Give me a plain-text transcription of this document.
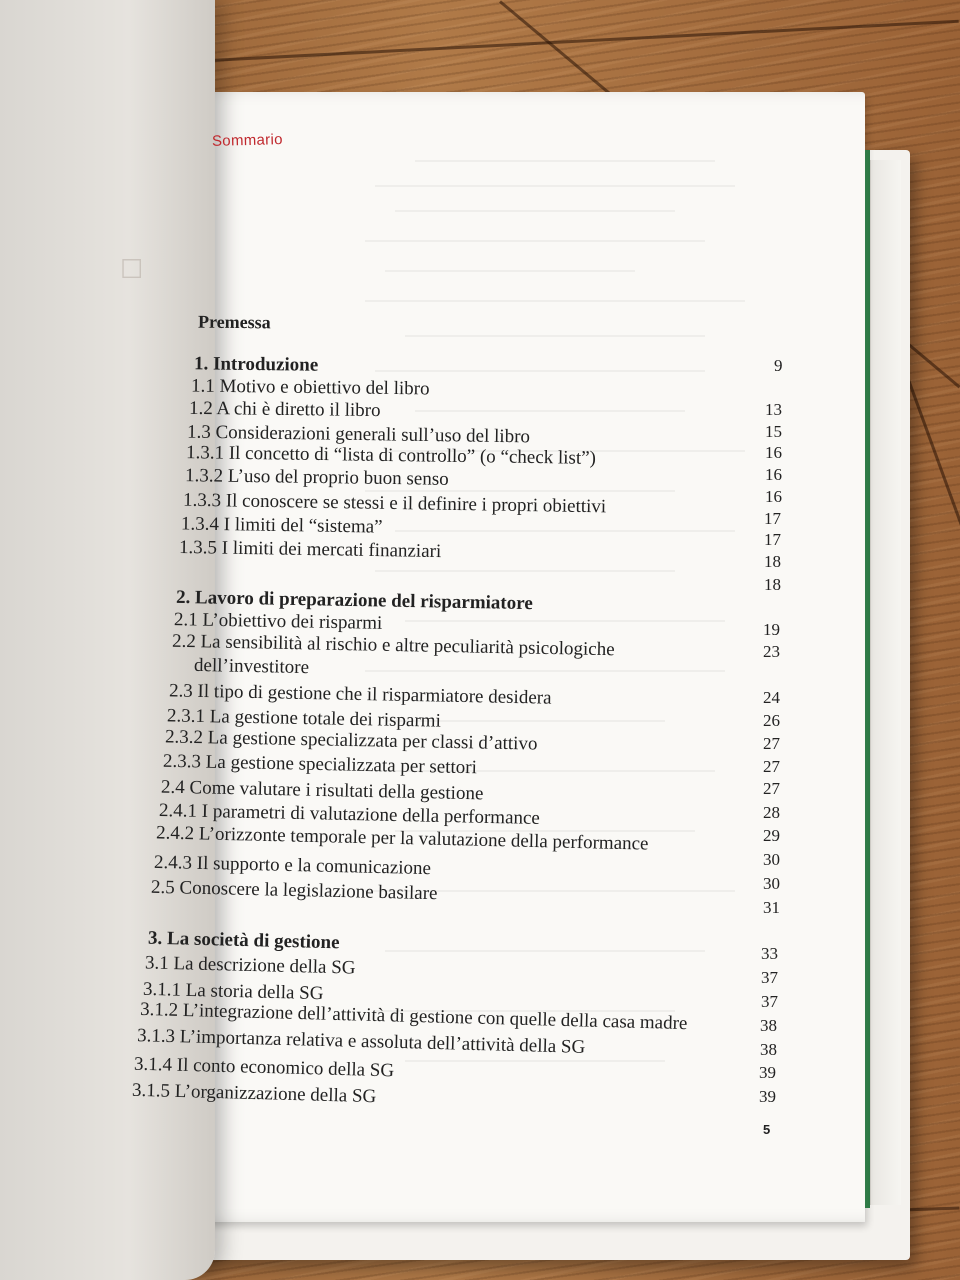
☐
Sommario
Premessa
1. Introduzione
1.1 Motivo e obiettivo del libro
1.2 A chi è diretto il libro
1.3 Considerazioni generali sull’uso del libro
1.3.1 Il concetto di “lista di controllo” (o “check list”)
1.3.2 L’uso del proprio buon senso
1.3.3 Il conoscere se stessi e il definire i propri obiettivi
1.3.4 I limiti del “sistema”
1.3.5 I limiti dei mercati finanziari
2. Lavoro di preparazione del risparmiatore
2.1 L’obiettivo dei risparmi
2.2 La sensibilità al rischio e altre peculiarità psicologiche
dell’investitore
2.3 Il tipo di gestione che il risparmiatore desidera
2.3.1 La gestione totale dei risparmi
2.3.2 La gestione specializzata per classi d’attivo
2.3.3 La gestione specializzata per settori
2.4 Come valutare i risultati della gestione
2.4.1 I parametri di valutazione della performance
2.4.2 L’orizzonte temporale per la valutazione della performance
2.4.3 Il supporto e la comunicazione
2.5 Conoscere la legislazione basilare
3. La società di gestione
3.1 La descrizione della SG
3.1.1 La storia della SG
3.1.2 L’integrazione dell’attività di gestione con quelle della casa madre
3.1.3 L’importanza relativa e assoluta dell’attività della SG
3.1.4 Il conto economico della SG
3.1.5 L’organizzazione della SG
9
13
15
16
16
16
17
17
18
18
19
23
24
26
27
27
27
28
29
30
30
31
33
37
37
38
38
39
39
5
